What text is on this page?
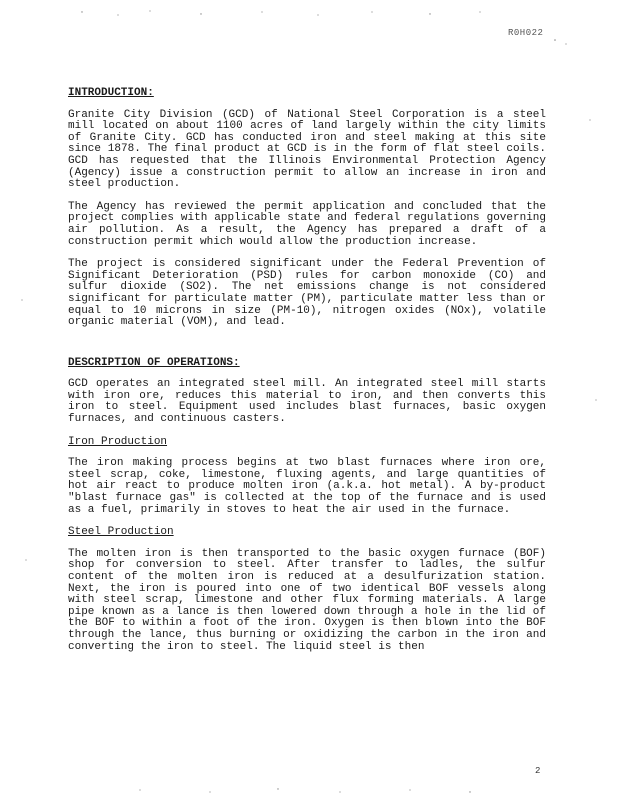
R0H022
INTRODUCTION:

Granite City Division (GCD) of National Steel Corporation is a steel mill located on about 1100 acres of land largely within the city limits of Granite City. GCD has conducted iron and steel making at this site since 1878. The final product at GCD is in the form of flat steel coils. GCD has requested that the Illinois Environmental Protection Agency (Agency) issue a construction permit to allow an increase in iron and steel production.

The Agency has reviewed the permit application and concluded that the project complies with applicable state and federal regulations governing air pollution. As a result, the Agency has prepared a draft of a construction permit which would allow the production increase.

The project is considered significant under the Federal Prevention of Significant Deterioration (PSD) rules for carbon monoxide (CO) and sulfur dioxide (SO2). The net emissions change is not considered significant for particulate matter (PM), particulate matter less than or equal to 10 microns in size (PM-10), nitrogen oxides (NOx), volatile organic material (VOM), and lead.

DESCRIPTION OF OPERATIONS:

GCD operates an integrated steel mill. An integrated steel mill starts with iron ore, reduces this material to iron, and then converts this iron to steel. Equipment used includes blast furnaces, basic oxygen furnaces, and continuous casters.

Iron Production

The iron making process begins at two blast furnaces where iron ore, steel scrap, coke, limestone, fluxing agents, and large quantities of hot air react to produce molten iron (a.k.a. hot metal). A by-product "blast furnace gas" is collected at the top of the furnace and is used as a fuel, primarily in stoves to heat the air used in the furnace.

Steel Production

The molten iron is then transported to the basic oxygen furnace (BOF) shop for conversion to steel. After transfer to ladles, the sulfur content of the molten iron is reduced at a desulfurization station. Next, the iron is poured into one of two identical BOF vessels along with steel scrap, limestone and other flux forming materials. A large pipe known as a lance is then lowered down through a hole in the lid of the BOF to within a foot of the iron. Oxygen is then blown into the BOF through the lance, thus burning or oxidizing the carbon in the iron and converting the iron to steel. The liquid steel is then

2
